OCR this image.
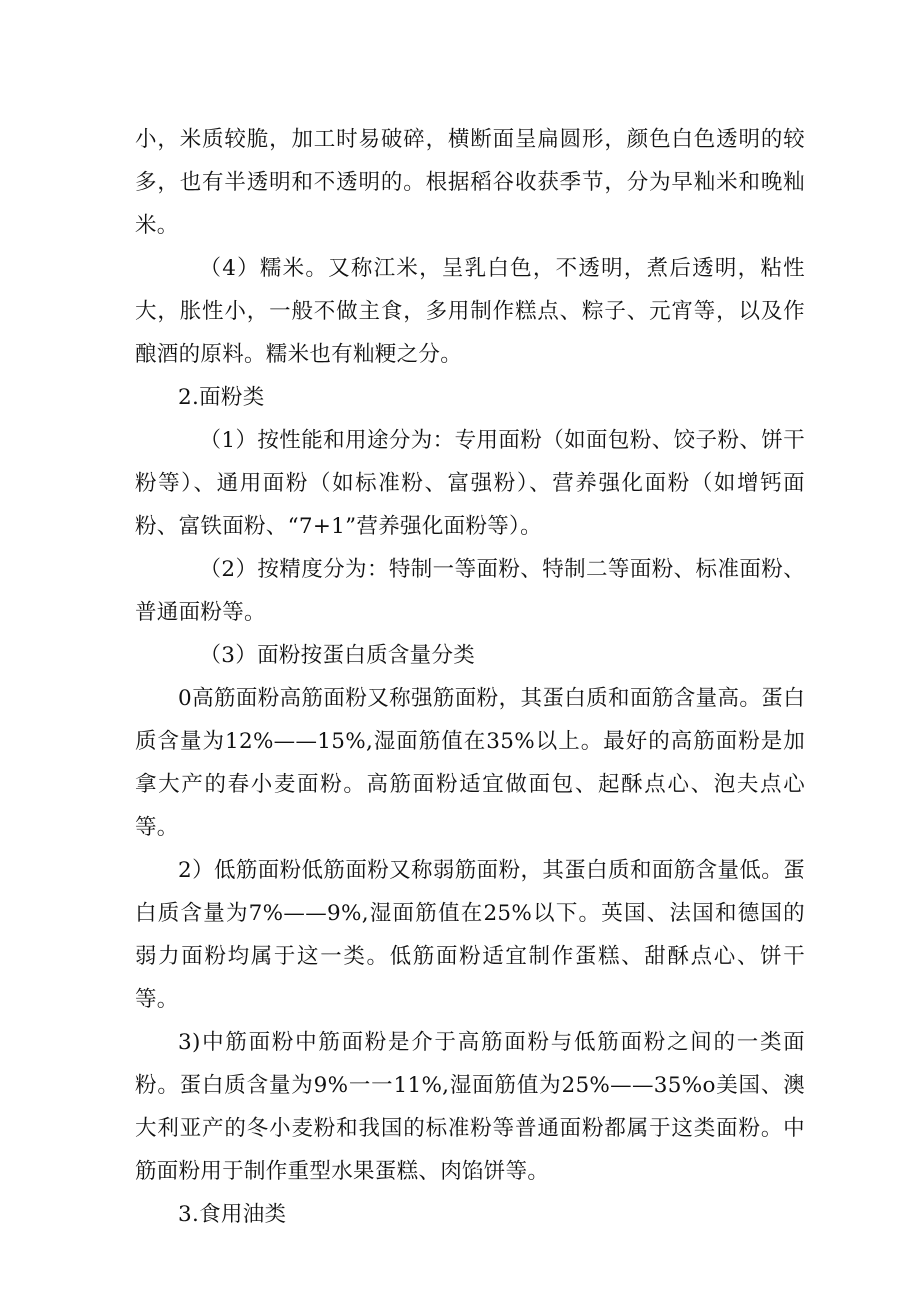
小，米质较脆，加工时易破碎，横断面呈扁圆形，颜色白色透明的较多，也有半透明和不透明的。根据稻谷收获季节，分为早籼米和晚籼米。

（4）糯米。又称江米，呈乳白色，不透明，煮后透明，粘性大，胀性小，一般不做主食，多用制作糕点、粽子、元宵等，以及作酿酒的原料。糯米也有籼粳之分。

2.面粉类

（1）按性能和用途分为：专用面粉（如面包粉、饺子粉、饼干粉等）、通用面粉（如标准粉、富强粉）、营养强化面粉（如增钙面粉、富铁面粉、“7+1”营养强化面粉等）。

（2）按精度分为：特制一等面粉、特制二等面粉、标准面粉、普通面粉等。

（3）面粉按蛋白质含量分类

0高筋面粉高筋面粉又称强筋面粉，其蛋白质和面筋含量高。蛋白质含量为12%——15%,湿面筋值在35%以上。最好的高筋面粉是加拿大产的春小麦面粉。高筋面粉适宜做面包、起酥点心、泡夫点心等。

2）低筋面粉低筋面粉又称弱筋面粉，其蛋白质和面筋含量低。蛋白质含量为7%——9%,湿面筋值在25%以下。英国、法国和德国的弱力面粉均属于这一类。低筋面粉适宜制作蛋糕、甜酥点心、饼干等。

3)中筋面粉中筋面粉是介于高筋面粉与低筋面粉之间的一类面粉。蛋白质含量为9%一一11%,湿面筋值为25%——35%o美国、澳大利亚产的冬小麦粉和我国的标准粉等普通面粉都属于这类面粉。中筋面粉用于制作重型水果蛋糕、肉馅饼等。

3.食用油类
